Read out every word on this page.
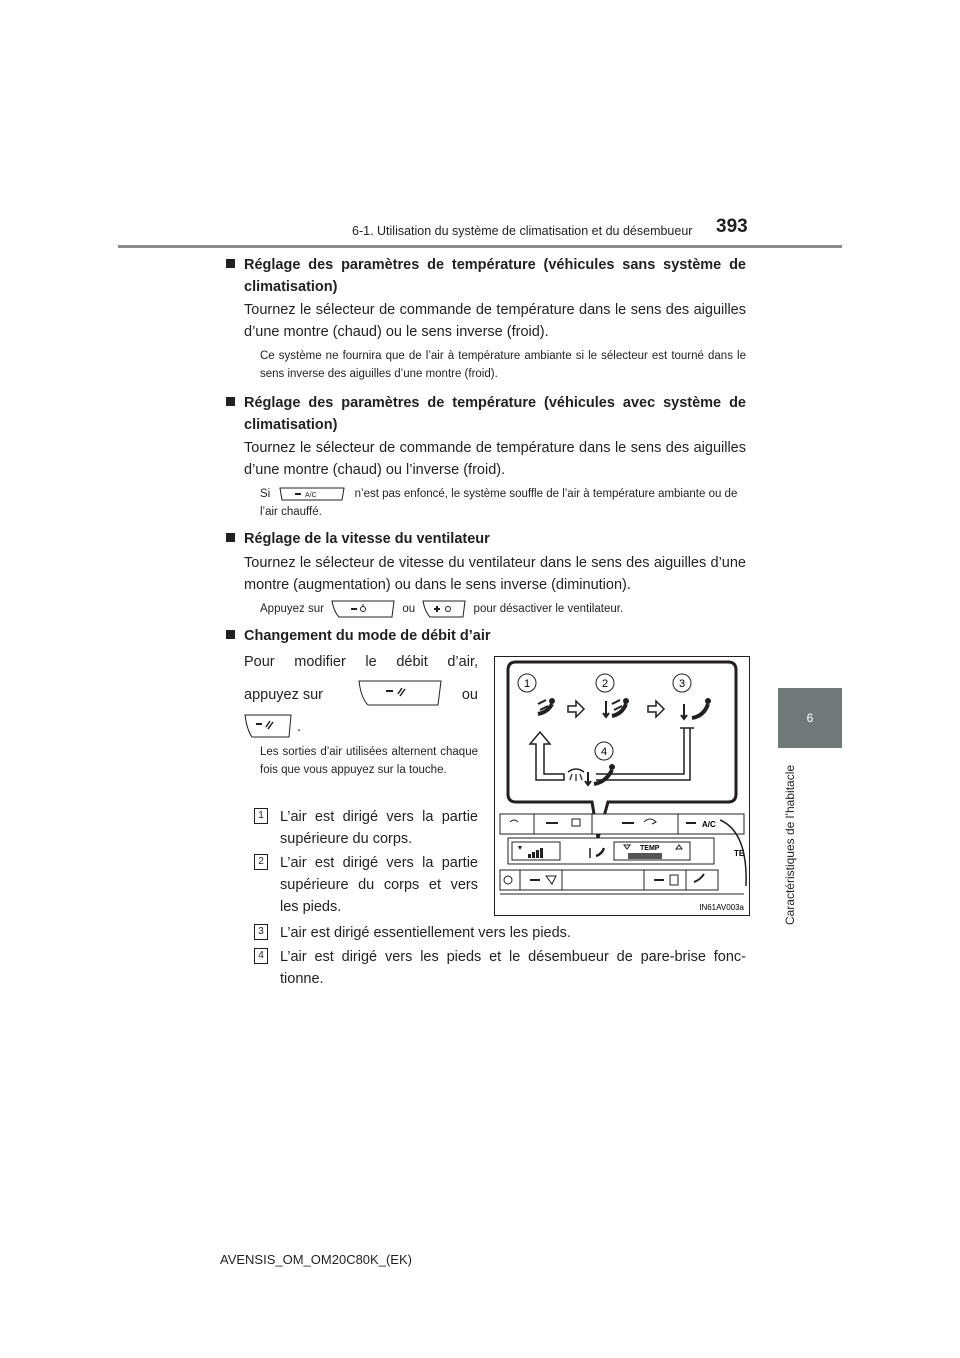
6-1. Utilisation du système de climatisation et du désembueur 393
6
Caractéristiques de l’habitacle
Réglage des paramètres de température (véhicules sans système de climatisation)
Tournez le sélecteur de commande de température dans le sens des aiguilles d’une montre (chaud) ou le sens inverse (froid).
Ce système ne fournira que de l’air à température ambiante si le sélecteur est tourné dans le sens inverse des aiguilles d’une montre (froid).
Réglage des paramètres de température (véhicules avec système de climatisation)
Tournez le sélecteur de commande de température dans le sens des aiguilles d’une montre (chaud) ou l’inverse (froid).
Si	A/C	n’est pas enfoncé, le système souffle de l’air à température ambiante ou de l’air chauffé.
Réglage de la vitesse du ventilateur
Tournez le sélecteur de vitesse du ventilateur dans le sens des aiguilles d’une montre (augmentation) ou dans le sens inverse (diminution).
Appuyez sur	ou	pour désactiver le ventilateur.
Changement du mode de débit d’air
Pour modifier le débit d’air,
appuyez sur	ou
.
Les sorties d’air utilisées alternent chaque fois que vous appuyez sur la touche.
1	L’air est dirigé vers la partie supérieure du corps.
2	L’air est dirigé vers la partie supérieure du corps et vers les pieds.
3	L’air est dirigé essentiellement vers les pieds.
4	L’air est dirigé vers les pieds et le désembueur de pare-brise fonc-tionne.
1	2	3
4
A/C
TEMP
TE
IN61AV003a
AVENSIS_OM_OM20C80K_(EK)
